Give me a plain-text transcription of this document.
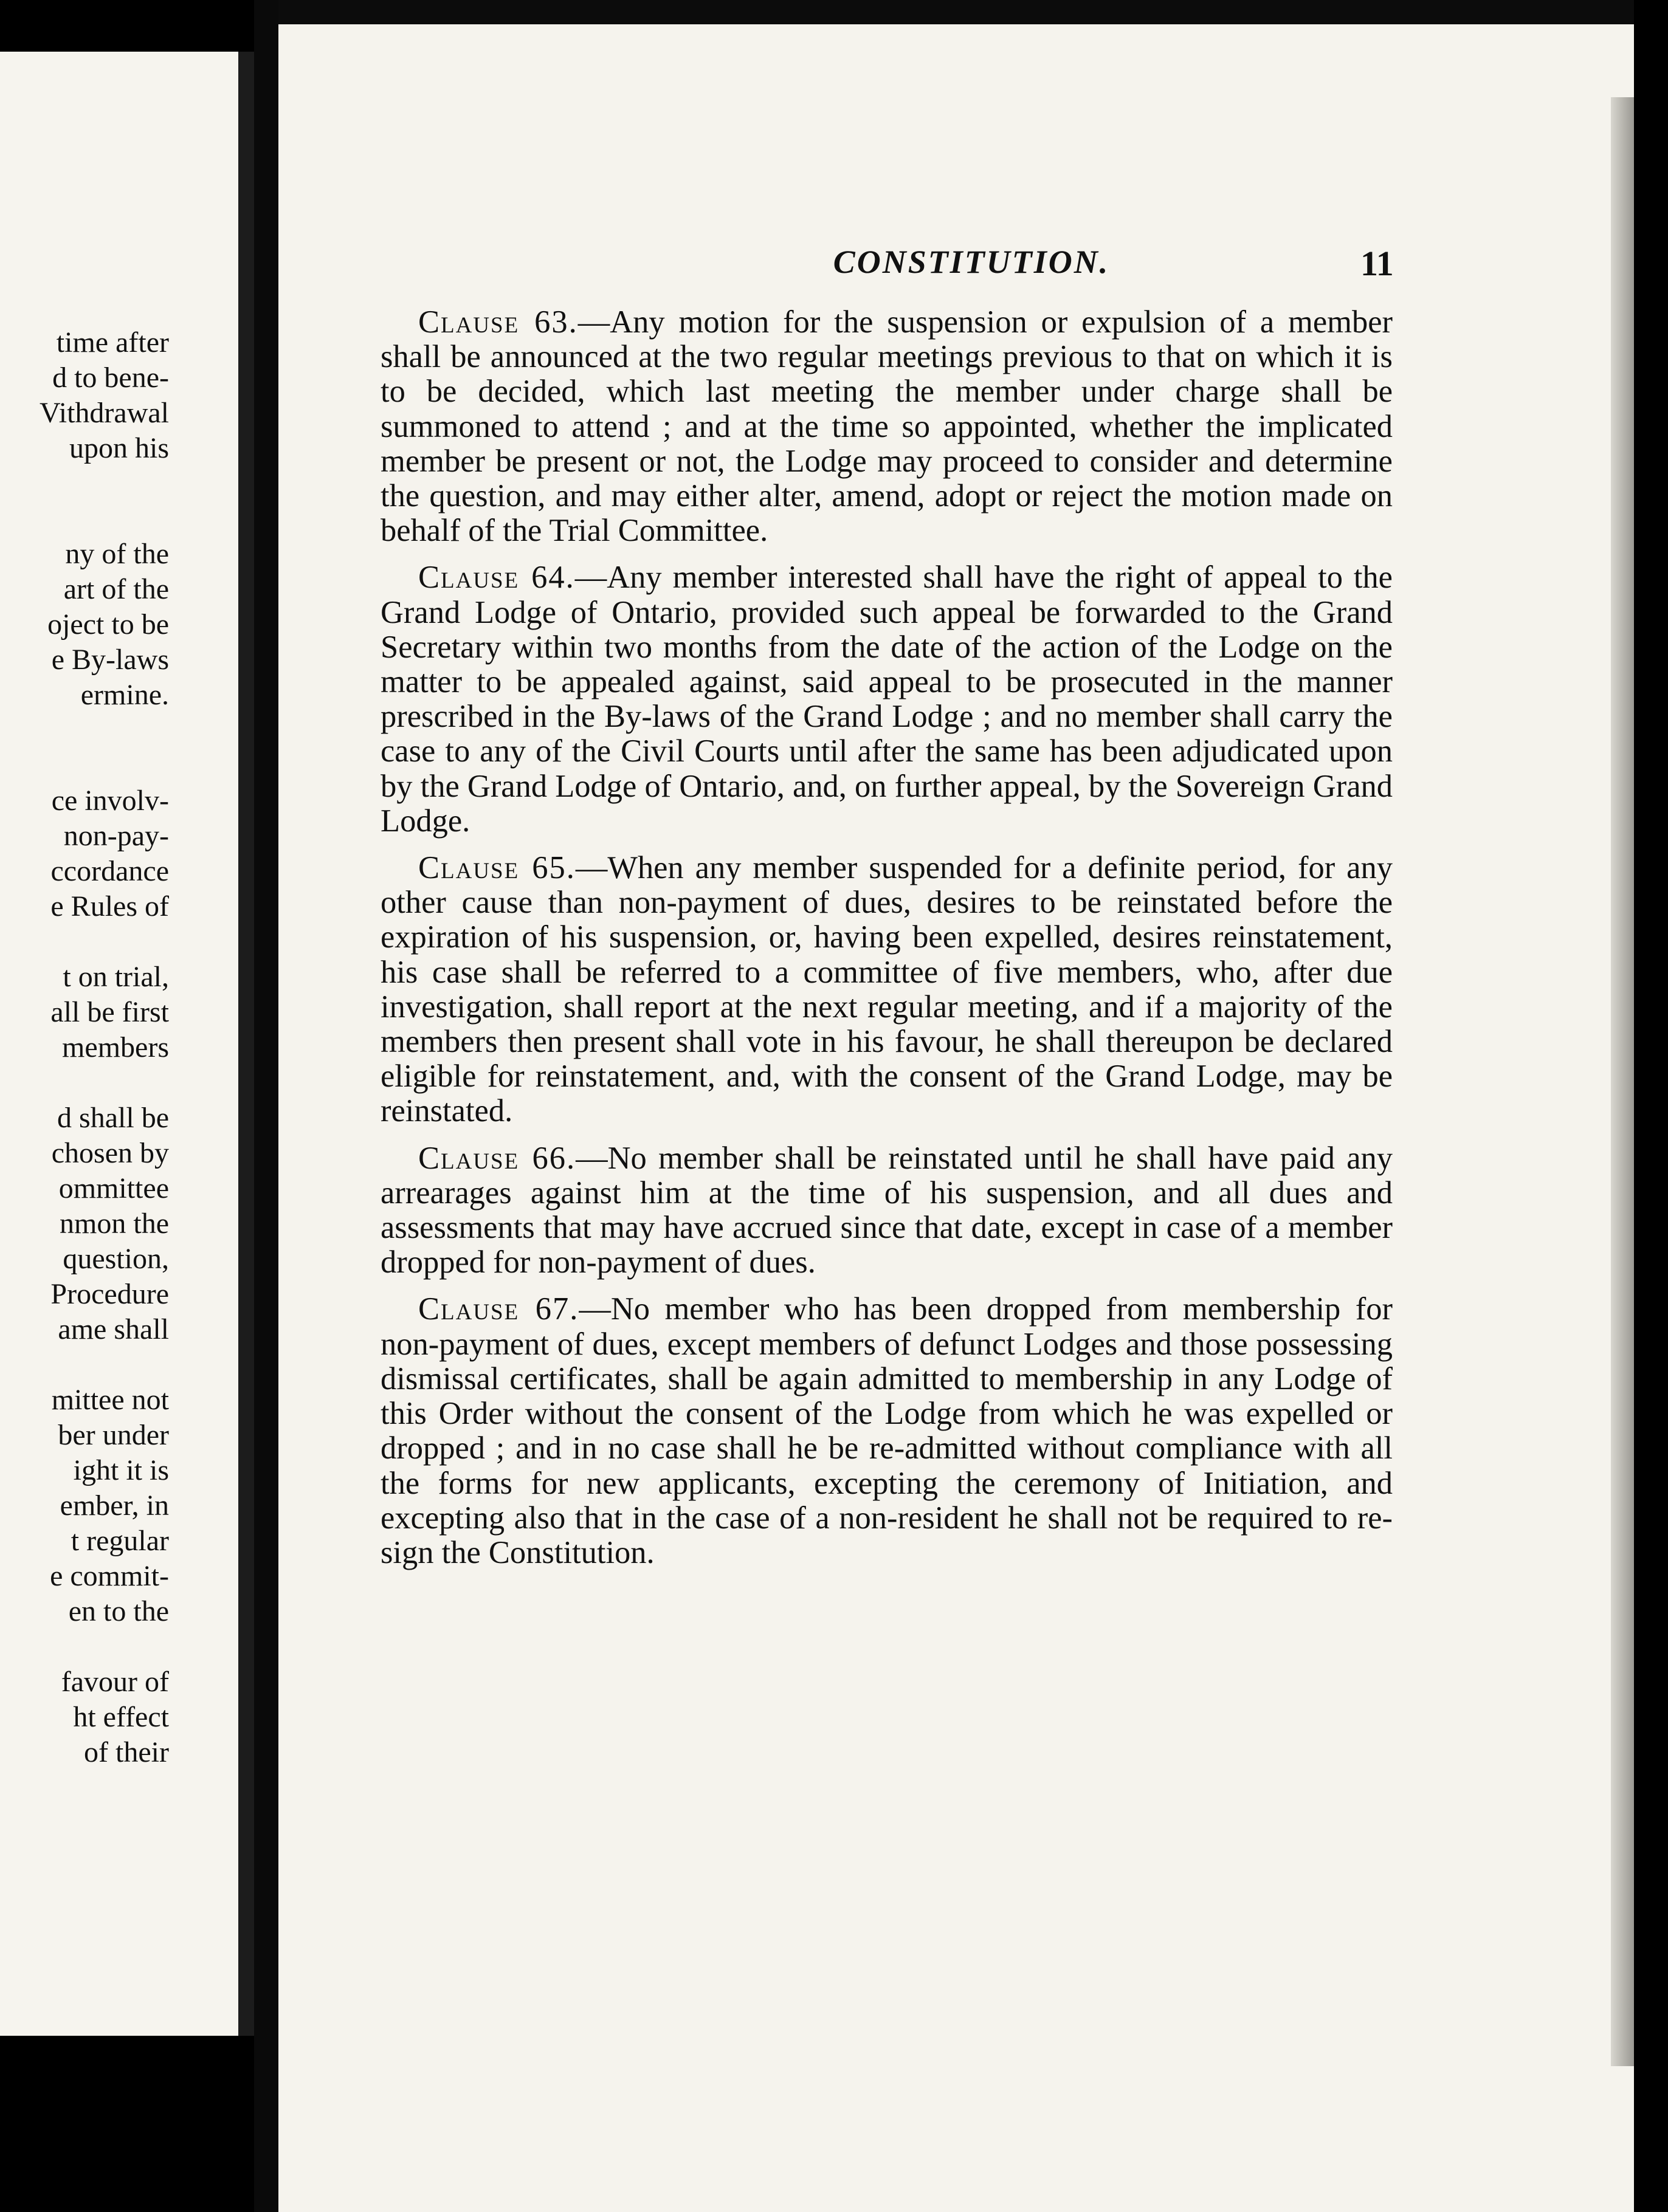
time after
d to bene-
Vithdrawal
upon his
ny of the
art of the
oject to be
e By-laws
ermine.
ce involv-
non-pay-
ccordance
e Rules of
t on trial,
all be first
members
d shall be
chosen by
ommittee
nmon the
question,
Procedure
ame shall
mittee not
ber under
ight it is
ember, in
t regular
e commit-
en to the
favour of
ht effect
of their
CONSTITUTION.	11

Clause 63.—Any motion for the suspension or expulsion of a member shall be announced at the two regular meetings previous to that on which it is to be decided, which last meeting the member under charge shall be summoned to attend ; and at the time so appointed, whether the implicated member be present or not, the Lodge may proceed to consider and determine the question, and may either alter, amend, adopt or reject the motion made on behalf of the Trial Committee.

Clause 64.—Any member interested shall have the right of appeal to the Grand Lodge of Ontario, provided such appeal be forwarded to the Grand Secretary within two months from the date of the action of the Lodge on the matter to be appealed against, said appeal to be prosecuted in the manner prescribed in the By-laws of the Grand Lodge ; and no member shall carry the case to any of the Civil Courts until after the same has been adjudicated upon by the Grand Lodge of Ontario, and, on further appeal, by the Sovereign Grand Lodge.

Clause 65.—When any member suspended for a definite period, for any other cause than non-payment of dues, desires to be reinstated before the expiration of his suspension, or, having been expelled, desires reinstatement, his case shall be referred to a committee of five members, who, after due investigation, shall report at the next regular meeting, and if a majority of the members then present shall vote in his favour, he shall thereupon be declared eligible for reinstatement, and, with the consent of the Grand Lodge, may be reinstated.

Clause 66.—No member shall be reinstated until he shall have paid any arrearages against him at the time of his suspension, and all dues and assessments that may have accrued since that date, except in case of a member dropped for non-payment of dues.

Clause 67.—No member who has been dropped from membership for non-payment of dues, except members of defunct Lodges and those possessing dismissal certificates, shall be again admitted to membership in any Lodge of this Order without the consent of the Lodge from which he was expelled or dropped ; and in no case shall he be re-admitted without compliance with all the forms for new applicants, excepting the ceremony of Initiation, and excepting also that in the case of a non-resident he shall not be required to re-sign the Constitution.
